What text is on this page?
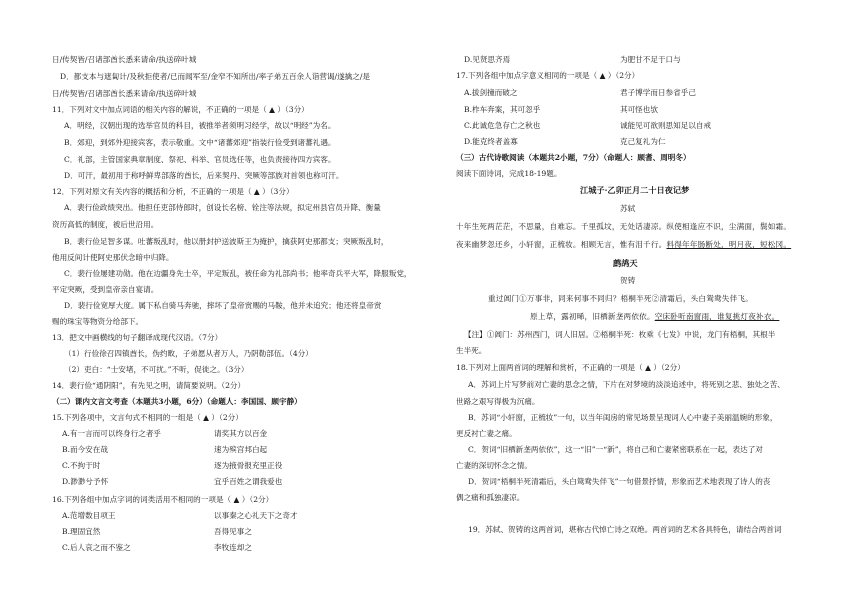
日/传契皆/召诸部酋长悉来请命/执送碎叶城
D．都支本与遮匐计/及秋拒使者/已而闻军至/金窄不知所出/率子弟五百余人诣营谒/遂擒之/是
日/传契皆/召诸部酋长悉来请命/执送碎叶城
11．下列对文中加点词语的相关内容的解说，不正确的一项是（ ▲ ）（3分）
A．明经，汉朝出现的选举官员的科目，被推举者须明习经学，故以“明经”为名。
B．郊迎，到郊外迎接宾客，表示敬重。文中“诸蕃郊迎”指装行俭受到诸蕃礼遇。
C．礼部，主管国家典章制度、祭祀、科举、官员选任等，也负责接待四方宾客。
D．可汗，最初用于称呼鲜卑部落的酋长，后来契丹、突厥等部族对首领也称可汗。
12．下列对原文有关内容的概括和分析，不正确的一项是（ ▲ ）（3分）
A．裴行俭政绩突出。他担任吏部侍郎时，创设长名榜、铨注等法规，拟定州县官员升降、衡量
资历高低的制度，被后世沿用。
B．裴行俭足智多谋。吐蕃叛乱时，他以册封护送波斯王为掩护，擒获阿史那都支；突厥叛乱时，
他用反间计使阿史那伏念暗中归降。
C．裴行俭屡建功勋。他在边疆身先士卒，平定叛乱，被任命为礼部尚书；他率奇兵平大军，降服叛党，
平定突厥，受到皇帝亲自宴请。
D．裴行俭宽厚大度。属下私自骑马奔驰，摔坏了皇帝赏赐的马鞍，他并未追究；他还将皇帝赏
赐的珠宝等物资分给部下。
13．把文中画横线的句子翻译成现代汉语。（7分）
（1）行俭徐召四镇酋长，伪约畋，子弟愿从者万人，乃阴勒部伍。（4分）
（2）吏白：“士安堵，不可扰。”不听，促徙之。（3分）
14．裴行俭“通阴阳”，有先见之明，请简要说明。（2分）
（二）课内文言文考查（本题共3小题，6分）（命题人：李国国、顾宇静）
15.下列各项中，文言句式不相同的一组是（ ▲ ）（2分）
A.有一言而可以终身行之者乎	请奖其方以百金
B.而今安在哉	速为殡宫邦白起
C.不拘于时	逐为掖骨报充里正役
D.渺渺兮予怀	宜乎百姓之谓我爱也
16.下列各组中加点字词的词类活用不相同的一项是（ ▲ ）（2分）
A.范增数目项王	以事秦之心礼天下之奇才
B.理固宜然	吾得见事之
C.后人哀之而不鉴之	李牧连却之
D.见贤思齐焉	为肥甘不足于口与
17.下列各组中加点字意义相同的一项是（ ▲ ）（2分）
A.拔剑撞而破之	君子博学而日参省乎己
B.柞车奔案，其可忽乎	其可怪也欤
C.此诚危急存亡之秋也	诚能见可欲则思知足以自戒
D.能克终者盖寡	克己复礼为仁
（三）古代诗歌阅读（本题共2小题，7分）（命题人：顾耆、周明冬）
阅读下面诗词，完成18-19题。
江城子·乙卯正月二十日夜记梦
苏轼
十年生死两茫茫，不思量，自难忘。千里孤坟，无处话凄凉。纵使相逢应不识，尘满面，鬓如霜。
夜来幽梦忽还乡，小轩窗，正梳妆。相顾无言，惟有泪千行。料得年年肠断处，明月夜，短松冈。
鹧鸪天
贺铸
重过阊门①万事非，同来何事不同归？梧桐半死②清霜后，头白鸳鸯失伴飞。
原上草，露初晞，旧栖新垄两依依。空床卧听南窗雨，谁复挑灯夜补衣。
【注】①阊门：苏州西门，词人旧居。②梧桐半死：枚乘《七发》中说，龙门有梧桐，其根半
生半死。
18.下列对上面两首词的理解和赏析，不正确的一项是（ ▲ ）（2分）
A．苏词上片写梦前对亡妻的思念之情，下片在对梦境的淡淡追述中，将死别之悲、独处之苦、
世路之艰写得极为沉痛。
B．苏词“小轩窗，正梳妆”一句，以当年闺房的常见场景呈现词人心中妻子美丽温婉的形象，
更反衬亡妻之痛。
C．贺词“旧栖新垄两依依”，这一“旧”一“新”，将自己和亡妻紧密联系在一起，表达了对
亡妻的深切怀念之情。
D．贺词“梧桐半死清霜后，头白鸳鸯失伴飞”一句借景抒情，形象而艺术地表现了诗人的丧
偶之痛和孤独凄凉。
19．苏轼、贺铸的这两首词，堪称古代悼亡诗之双绝。两首词的艺术各具特色，请结合两首词
